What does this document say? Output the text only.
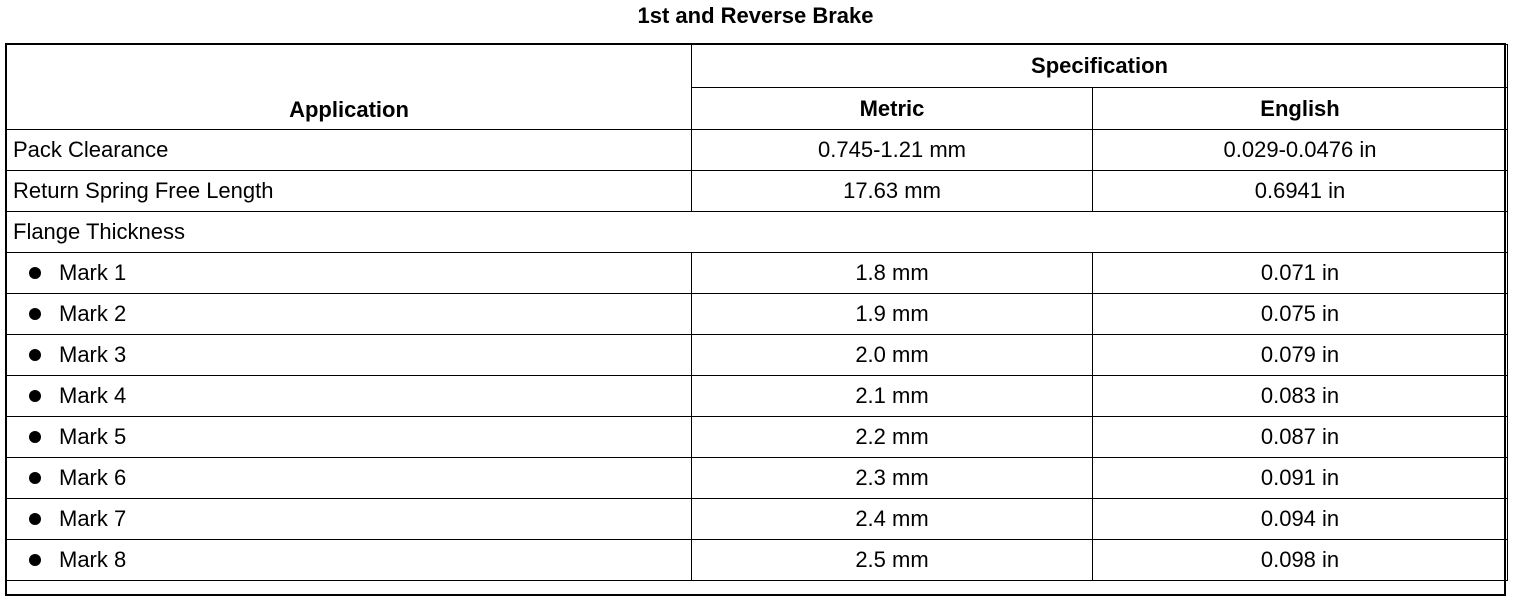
1st and Reverse Brake
Application	Specification	
	Metric	English
Pack Clearance	0.745-1.21 mm	0.029-0.0476 in
Return Spring Free Length	17.63 mm	0.6941 in
Flange Thickness		
Mark 1	1.8 mm	0.071 in
Mark 2	1.9 mm	0.075 in
Mark 3	2.0 mm	0.079 in
Mark 4	2.1 mm	0.083 in
Mark 5	2.2 mm	0.087 in
Mark 6	2.3 mm	0.091 in
Mark 7	2.4 mm	0.094 in
Mark 8	2.5 mm	0.098 in
